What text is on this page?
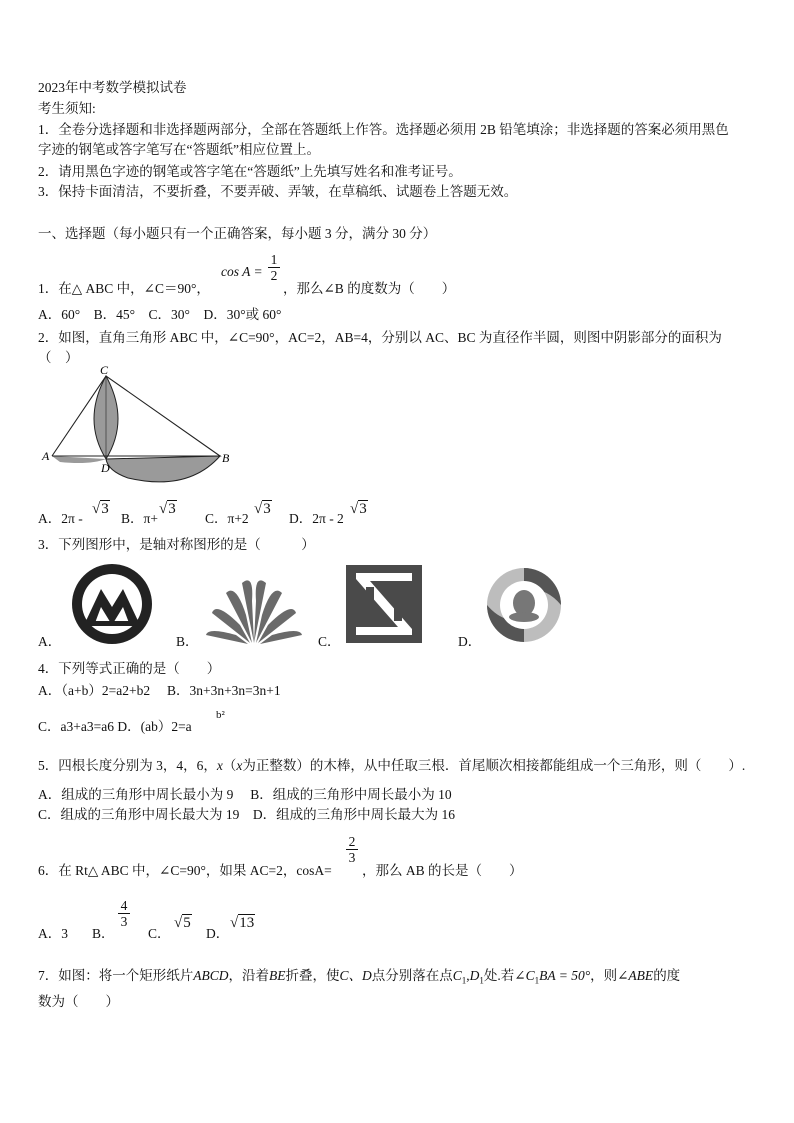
2023年中考数学模拟试卷
考生须知:
1．全卷分选择题和非选择题两部分，全部在答题纸上作答。选择题必须用 2B 铅笔填涂；非选择题的答案必须用黑色
字迹的钢笔或答字笔写在“答题纸”相应位置上。
2．请用黑色字迹的钢笔或答字笔在“答题纸”上先填写姓名和准考证号。
3．保持卡面清洁，不要折叠，不要弄破、弄皱，在草稿纸、试题卷上答题无效。
一、选择题（每小题只有一个正确答案，每小题 3 分，满分 30 分）
$\cos A = \frac{1}{2}$
1．在△ ABC 中，∠C＝90°，	，那么∠B 的度数为（　　）
A．60°　B．45°　C．30°　D．30°或 60°
2．如图，直角三角形 ABC 中，∠C=90°，AC=2，AB=4，分别以 AC、BC 为直径作半圆，则图中阴影部分的面积为
（　）
C
A
D
B
A．2π -
√3
B．π+
√3
C．π+2
√3
D．2π - 2
√3
3．下列图形中，是轴对称图形的是（　　　）
A．	B．	C．	D．
4．下列等式正确的是（　　）
A．（a+b）2=a2+b2　 B．3n+3n+3n=3n+1
C．a3+a3=a6 D．(ab）2=a
b²
5．四根长度分别为 3，4，6，x（x为正整数）的木棒，从中任取三根．首尾顺次相接都能组成一个三角形，则（　　）.
A．组成的三角形中周长最小为 9　 B．组成的三角形中周长最小为 10
C．组成的三角形中周长最大为 19　D．组成的三角形中周长最大为 16
$\frac{2}{3}$
6．在 Rt△ ABC 中，∠C=90°，如果 AC=2，cosA= ，那么 AB 的长是（　　）
A．3 B．
$\frac{4}{3}$
C．
√5
D．
√13
7．如图：将一个矩形纸片ABCD，沿着BE折叠，使C、D点分别落在点$C_1,D_1$处.若$\angle C_1BA = 50^\circ$，则∠ABE的度
数为（　　）
